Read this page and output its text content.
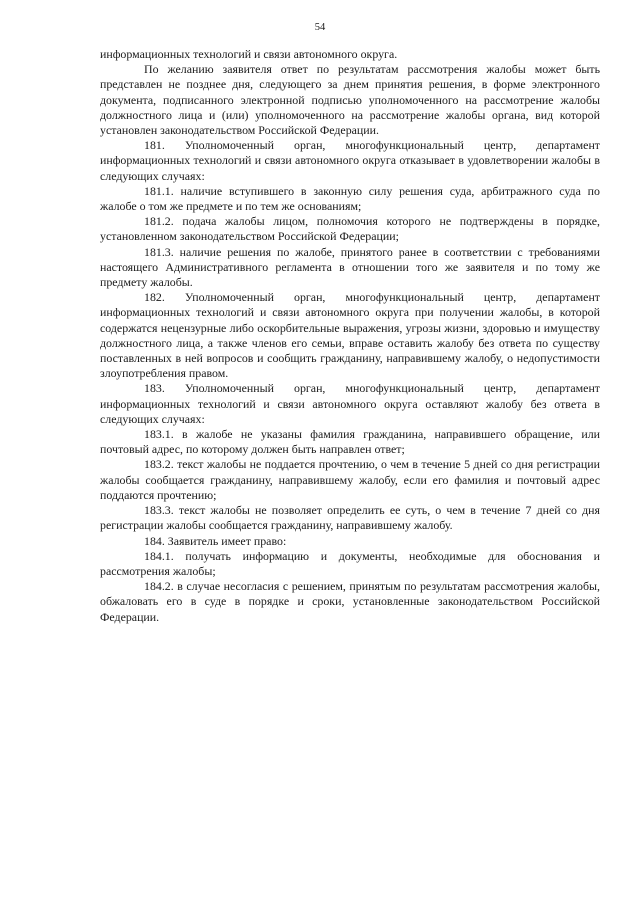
54

информационных технологий и связи автономного округа.

По желанию заявителя ответ по результатам рассмотрения жалобы может быть представлен не позднее дня, следующего за днем принятия решения, в форме электронного документа, подписанного электронной подписью уполномоченного на рассмотрение жалобы должностного лица и (или) уполномоченного на рассмотрение жалобы органа, вид которой установлен законодательством Российской Федерации.

181. Уполномоченный орган, многофункциональный центр, департамент информационных технологий и связи автономного округа отказывает в удовлетворении жалобы в следующих случаях:

181.1. наличие вступившего в законную силу решения суда, арбитражного суда по жалобе о том же предмете и по тем же основаниям;

181.2. подача жалобы лицом, полномочия которого не подтверждены в порядке, установленном законодательством Российской Федерации;

181.3. наличие решения по жалобе, принятого ранее в соответствии с требованиями настоящего Административного регламента в отношении того же заявителя и по тому же предмету жалобы.

182. Уполномоченный орган, многофункциональный центр, департамент информационных технологий и связи автономного округа при получении жалобы, в которой содержатся нецензурные либо оскорбительные выражения, угрозы жизни, здоровью и имуществу должностного лица, а также членов его семьи, вправе оставить жалобу без ответа по существу поставленных в ней вопросов и сообщить гражданину, направившему жалобу, о недопустимости злоупотребления правом.

183. Уполномоченный орган, многофункциональный центр, департамент информационных технологий и связи автономного округа оставляют жалобу без ответа в следующих случаях:

183.1. в жалобе не указаны фамилия гражданина, направившего обращение, или почтовый адрес, по которому должен быть направлен ответ;

183.2. текст жалобы не поддается прочтению, о чем в течение 5 дней со дня регистрации жалобы сообщается гражданину, направившему жалобу, если его фамилия и почтовый адрес поддаются прочтению;

183.3. текст жалобы не позволяет определить ее суть, о чем в течение 7 дней со дня регистрации жалобы сообщается гражданину, направившему жалобу.

184. Заявитель имеет право:

184.1. получать информацию и документы, необходимые для обоснования и рассмотрения жалобы;

184.2. в случае несогласия с решением, принятым по результатам рассмотрения жалобы, обжаловать его в суде в порядке и сроки, установленные законодательством Российской Федерации.
